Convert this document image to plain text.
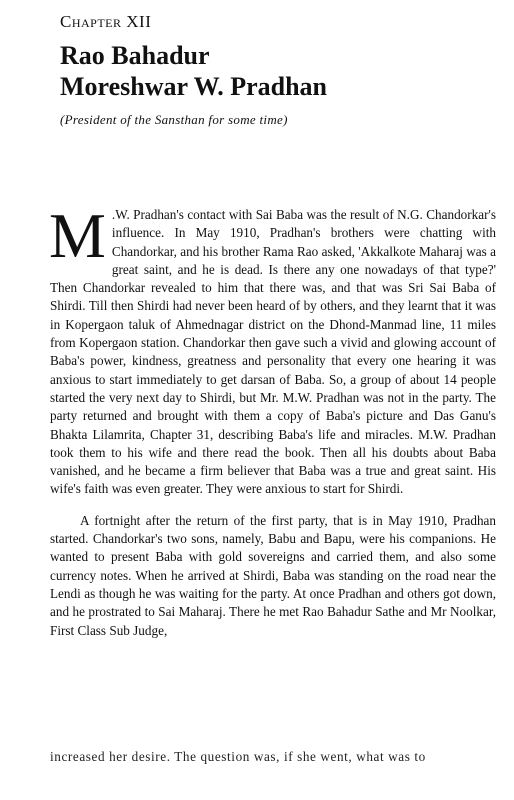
Chapter XII
Rao Bahadur
Moreshwar W. Pradhan
(President of the Sansthan for some time)

M .W. Pradhan's contact with Sai Baba was the result of N.G. Chandorkar's influence. In May 1910, Pradhan's brothers were chatting with Chandorkar, and his brother Rama Rao asked, 'Akkalkote Maharaj was a great saint, and he is dead. Is there any one nowadays of that type?' Then Chandorkar revealed to him that there was, and that was Sri Sai Baba of Shirdi. Till then Shirdi had never been heard of by others, and they learnt that it was in Kopergaon taluk of Ahmednagar district on the Dhond-Manmad line, 11 miles from Kopergaon station. Chandorkar then gave such a vivid and glowing account of Baba's power, kindness, greatness and personality that every one hearing it was anxious to start immediately to get darsan of Baba. So, a group of about 14 people started the very next day to Shirdi, but Mr. M.W. Pradhan was not in the party. The party returned and brought with them a copy of Baba's picture and Das Ganu's Bhakta Lilamrita, Chapter 31, describing Baba's life and miracles. M.W. Pradhan took them to his wife and there read the book. Then all his doubts about Baba vanished, and he became a firm believer that Baba was a true and great saint. His wife's faith was even greater. They were anxious to start for Shirdi.

A fortnight after the return of the first party, that is in May 1910, Pradhan started. Chandorkar's two sons, namely, Babu and Bapu, were his companions. He wanted to present Baba with gold sovereigns and carried them, and also some currency notes. When he arrived at Shirdi, Baba was standing on the road near the Lendi as though he was waiting for the party. At once Pradhan and others got down, and he prostrated to Sai Maharaj. There he met Rao Bahadur Sathe and Mr Noolkar, First Class Sub Judge,

increased her desire. The question was, if she went, what was to
